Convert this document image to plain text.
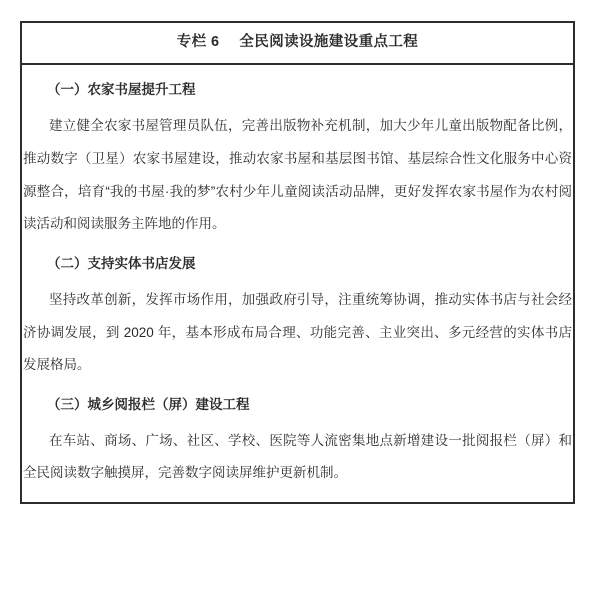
专栏 6 全民阅读设施建设重点工程
（一）农家书屋提升工程

建立健全农家书屋管理员队伍，完善出版物补充机制，加大少年儿童出版物配备比例，推动数字（卫星）农家书屋建设，推动农家书屋和基层图书馆、基层综合性文化服务中心资源整合，培育“我的书屋·我的梦”农村少年儿童阅读活动品牌，更好发挥农家书屋作为农村阅读活动和阅读服务主阵地的作用。

（二）支持实体书店发展

坚持改革创新，发挥市场作用，加强政府引导，注重统筹协调，推动实体书店与社会经济协调发展，到 2020 年，基本形成布局合理、功能完善、主业突出、多元经营的实体书店发展格局。

（三）城乡阅报栏（屏）建设工程

在车站、商场、广场、社区、学校、医院等人流密集地点新增建设一批阅报栏（屏）和全民阅读数字触摸屏，完善数字阅读屏维护更新机制。
